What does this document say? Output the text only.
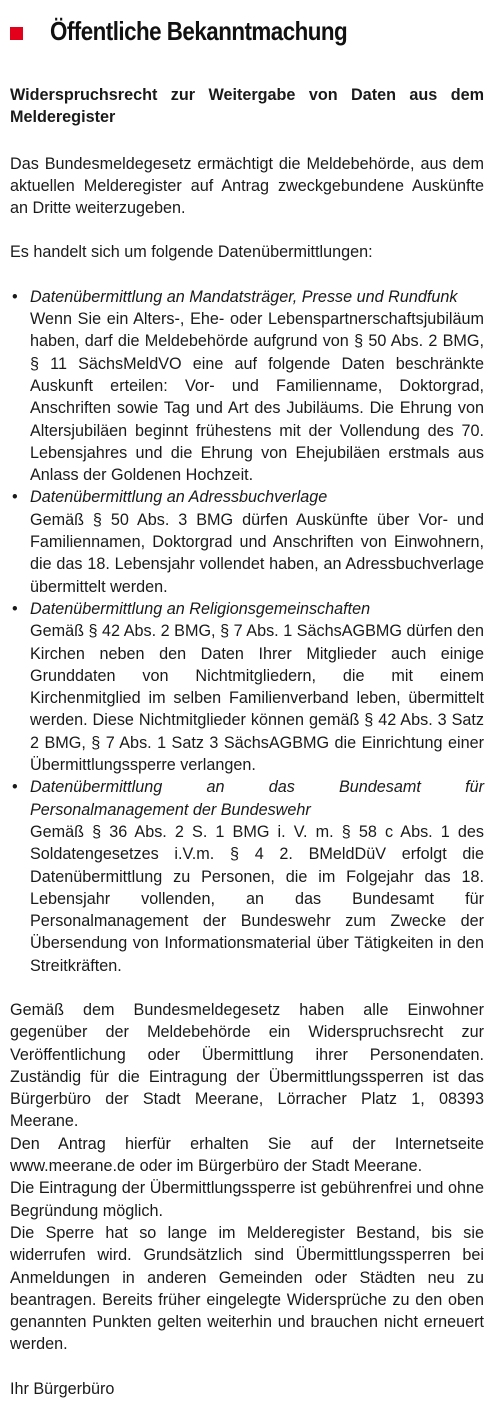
Öffentliche Bekanntmachung

Widerspruchsrecht zur Weitergabe von Daten aus dem Melderegister

Das Bundesmeldegesetz ermächtigt die Meldebehörde, aus dem aktuellen Melderegister auf Antrag zweckgebundene Auskünfte an Dritte weiterzugeben.

Es handelt sich um folgende Datenübermittlungen:

• Datenübermittlung an Mandatsträger, Presse und Rundfunk
Wenn Sie ein Alters-, Ehe- oder Lebenspartnerschaftsjubiläum haben, darf die Meldebehörde aufgrund von § 50 Abs. 2 BMG, § 11 SächsMeldVO eine auf folgende Daten beschränkte Auskunft erteilen: Vor- und Familienname, Doktorgrad, Anschriften sowie Tag und Art des Jubiläums. Die Ehrung von Altersjubiläen beginnt frühestens mit der Vollendung des 70. Lebensjahres und die Ehrung von Ehejubiläen erstmals aus Anlass der Goldenen Hochzeit.
• Datenübermittlung an Adressbuchverlage
Gemäß § 50 Abs. 3 BMG dürfen Auskünfte über Vor- und Familiennamen, Doktorgrad und Anschriften von Einwohnern, die das 18. Lebensjahr vollendet haben, an Adressbuchverlage übermittelt werden.
• Datenübermittlung an Religionsgemeinschaften
Gemäß § 42 Abs. 2 BMG, § 7 Abs. 1 SächsAGBMG dürfen den Kirchen neben den Daten Ihrer Mitglieder auch einige Grunddaten von Nichtmitgliedern, die mit einem Kirchenmitglied im selben Familienverband leben, übermittelt werden. Diese Nichtmitglieder können gemäß § 42 Abs. 3 Satz 2 BMG, § 7 Abs. 1 Satz 3 SächsAGBMG die Einrichtung einer Übermittlungssperre verlangen.
• Datenübermittlung an das Bundesamt für Personalmanagement der Bundeswehr
Gemäß § 36 Abs. 2 S. 1 BMG i. V. m. § 58 c Abs. 1 des Soldatengesetzes i.V.m. § 4 2. BMeldDüV erfolgt die Datenübermittlung zu Personen, die im Folgejahr das 18. Lebensjahr vollenden, an das Bundesamt für Personalmanagement der Bundeswehr zum Zwecke der Übersendung von Informationsmaterial über Tätigkeiten in den Streitkräften.

Gemäß dem Bundesmeldegesetz haben alle Einwohner gegenüber der Meldebehörde ein Widerspruchsrecht zur Veröffentlichung oder Übermittlung ihrer Personendaten. Zuständig für die Eintragung der Übermittlungssperren ist das Bürgerbüro der Stadt Meerane, Lörracher Platz 1, 08393 Meerane.

Den Antrag hierfür erhalten Sie auf der Internetseite www.meerane.de oder im Bürgerbüro der Stadt Meerane.

Die Eintragung der Übermittlungssperre ist gebührenfrei und ohne Begründung möglich.

Die Sperre hat so lange im Melderegister Bestand, bis sie widerrufen wird. Grundsätzlich sind Übermittlungssperren bei Anmeldungen in anderen Gemeinden oder Städten neu zu beantragen. Bereits früher eingelegte Widersprüche zu den oben genannten Punkten gelten weiterhin und brauchen nicht erneuert werden.

Ihr Bürgerbüro
